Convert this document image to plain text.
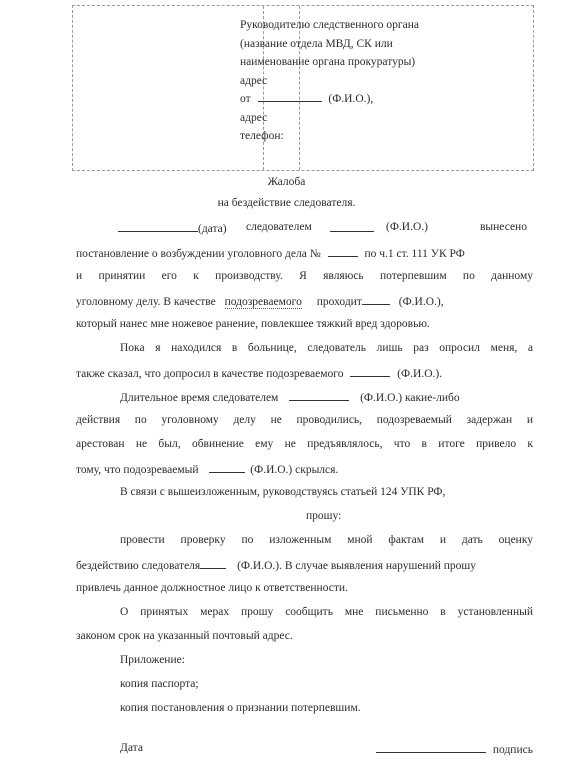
Руководителю следственного органа
(название отдела МВД, СК или
наименование органа прокуратуры)
адрес
от	(Ф.И.О.),
адрес
телефон:
Жалоба
на бездействие следователя.
(дата) следователем	(Ф.И.О.)	вынесено
постановление о возбуждении уголовного дела №	по ч.1 ст. 111 УК РФ
и принятии его к производству. Я являюсь потерпевшим по данному
уголовному делу. В качестве подозреваемого проходит	(Ф.И.О.),
который нанес мне ножевое ранение, повлекшее тяжкий вред здоровью.
Пока я находился в больнице, следователь лишь раз опросил меня, а
также сказал, что допросил в качестве подозреваемого	(Ф.И.О.).
Длительное время следователем	(Ф.И.О.) какие-либо
действия по уголовному делу не проводились, подозреваемый задержан и
арестован не был, обвинение ему не предъявлялось, что в итоге привело к
тому, что подозреваемый	(Ф.И.О.) скрылся.
В связи с вышеизложенным, руководствуясь статьей 124 УПК РФ,
прошу:
провести проверку по изложенным мной фактам и дать оценку
бездействию следователя	(Ф.И.О.). В случае выявления нарушений прошу
привлечь данное должностное лицо к ответственности.
О принятых мерах прошу сообщить мне письменно в установленный
законом срок на указанный почтовый адрес.
Приложение:
копия паспорта;
копия постановления о признании потерпевшим.
Дата	подпись
